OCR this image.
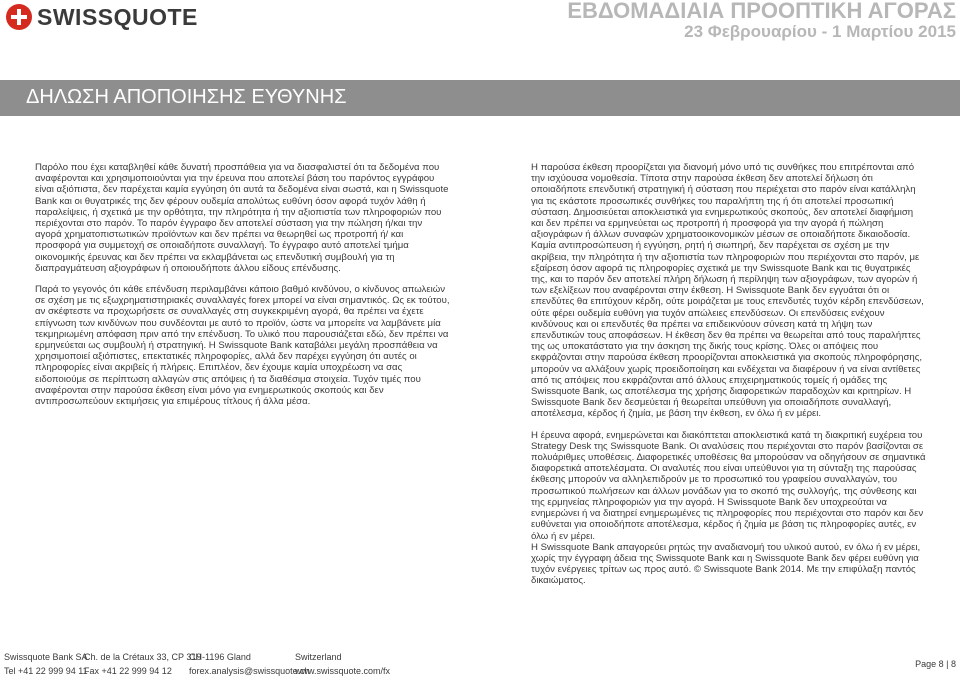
SWISSQUOTE	ΕΒΔΟΜΑΔΙΑΙΑ ΠΡΟΟΠΤΙΚΗ ΑΓΟΡΑΣ
23 Φεβρουαρίου - 1 Μαρτίου 2015
ΔΗΛΩΣΗ ΑΠΟΠΟΙΗΣΗΣ ΕΥΘΥΝΗΣ

Παρόλο που έχει καταβληθεί κάθε δυνατή προσπάθεια για να διασφαλιστεί ότι τα δεδομένα που αναφέρονται και χρησιμοποιούνται για την έρευνα που αποτελεί βάση του παρόντος εγγράφου είναι αξιόπιστα, δεν παρέχεται καμία εγγύηση ότι αυτά τα δεδομένα είναι σωστά, και η Swissquote Bank και οι θυγατρικές της δεν φέρουν ουδεμία απολύτως ευθύνη όσον αφορά τυχόν λάθη ή παραλείψεις, ή σχετικά με την ορθότητα, την πληρότητα ή την αξιοπιστία των πληροφοριών που περιέχονται στο παρόν. Το παρόν έγγραφο δεν αποτελεί σύσταση για την πώληση ή/και την αγορά χρηματοπιστωτικών προϊόντων και δεν πρέπει να θεωρηθεί ως προτροπή ή/ και προσφορά για συμμετοχή σε οποιαδήποτε συναλλαγή. Το έγγραφο αυτό αποτελεί τμήμα οικονομικής έρευνας και δεν πρέπει να εκλαμβάνεται ως επενδυτική συμβουλή για τη διαπραγμάτευση αξιογράφων ή οποιουδήποτε άλλου είδους επένδυσης.

Παρά το γεγονός ότι κάθε επένδυση περιλαμβάνει κάποιο βαθμό κινδύνου, ο κίνδυνος απωλειών σε σχέση με τις εξωχρηματιστηριακές συναλλαγές forex μπορεί να είναι σημαντικός. Ως εκ τούτου, αν σκέφτεστε να προχωρήσετε σε συναλλαγές στη συγκεκριμένη αγορά, θα πρέπει να έχετε επίγνωση των κινδύνων που συνδέονται με αυτό το προϊόν, ώστε να μπορείτε να λαμβάνετε μία τεκμηριωμένη απόφαση πριν από την επένδυση. Το υλικό που παρουσιάζεται εδώ, δεν πρέπει να ερμηνεύεται ως συμβουλή ή στρατηγική. Η Swissquote Bank καταβάλει μεγάλη προσπάθεια να χρησιμοποιεί αξιόπιστες, επεκτατικές πληροφορίες, αλλά δεν παρέχει εγγύηση ότι αυτές οι πληροφορίες είναι ακριβείς ή πλήρεις. Επιπλέον, δεν έχουμε καμία υποχρέωση να σας ειδοποιούμε σε περίπτωση αλλαγών στις απόψεις ή τα διαθέσιμα στοιχεία. Τυχόν τιμές που αναφέρονται στην παρούσα έκθεση είναι μόνο για ενημερωτικούς σκοπούς και δεν αντιπροσωπεύουν εκτιμήσεις για επιμέρους τίτλους ή άλλα μέσα.

Η παρούσα έκθεση προορίζεται για διανομή μόνο υπό τις συνθήκες που επιτρέπονται από την ισχύουσα νομοθεσία. Τίποτα στην παρούσα έκθεση δεν αποτελεί δήλωση ότι οποιαδήποτε επενδυτική στρατηγική ή σύσταση που περιέχεται στο παρόν είναι κατάλληλη για τις εκάστοτε προσωπικές συνθήκες του παραλήπτη της ή ότι αποτελεί προσωπική σύσταση. Δημοσιεύεται αποκλειστικά για ενημερωτικούς σκοπούς, δεν αποτελεί διαφήμιση και δεν πρέπει να ερμηνεύεται ως προτροπή ή προσφορά για την αγορά ή πώληση αξιογράφων ή άλλων συναφών χρηματοοικονομικών μέσων σε οποιαδήποτε δικαιοδοσία. Καμία αντιπροσώπευση ή εγγύηση, ρητή ή σιωπηρή, δεν παρέχεται σε σχέση με την ακρίβεια, την πληρότητα ή την αξιοπιστία των πληροφοριών που περιέχονται στο παρόν, με εξαίρεση όσον αφορά τις πληροφορίες σχετικά με την Swissquote Bank και τις θυγατρικές της, και το παρόν δεν αποτελεί πλήρη δήλωση ή περίληψη των αξιογράφων, των αγορών ή των εξελίξεων που αναφέρονται στην έκθεση. Η Swissquote Bank δεν εγγυάται ότι οι επενδύτες θα επιτύχουν κέρδη, ούτε μοιράζεται με τους επενδυτές τυχόν κέρδη επενδύσεων, ούτε φέρει ουδεμία ευθύνη για τυχόν απώλειες επενδύσεων. Οι επενδύσεις ενέχουν κινδύνους και οι επενδυτές θα πρέπει να επιδεικνύουν σύνεση κατά τη λήψη των επενδυτικών τους αποφάσεων. Η έκθεση δεν θα πρέπει να θεωρείται από τους παραλήπτες της ως υποκατάστατο για την άσκηση της δικής τους κρίσης. Όλες οι απόψεις που εκφράζονται στην παρούσα έκθεση προορίζονται αποκλειστικά για σκοπούς πληροφόρησης, μπορούν να αλλάξουν χωρίς προειδοποίηση και ενδέχεται να διαφέρουν ή να είναι αντίθετες από τις απόψεις που εκφράζονται από άλλους επιχειρηματικούς τομείς ή ομάδες της Swissquote Bank, ως αποτέλεσμα της χρήσης διαφορετικών παραδοχών και κριτηρίων. Η Swissquote Bank δεν δεσμεύεται ή θεωρείται υπεύθυνη για οποιαδήποτε συναλλαγή, αποτέλεσμα, κέρδος ή ζημία, με βάση την έκθεση, εν όλω ή εν μέρει.

Η έρευνα αφορά, ενημερώνεται και διακόπτεται αποκλειστικά κατά τη διακριτική ευχέρεια του Strategy Desk της Swissquote Bank. Οι αναλύσεις που περιέχονται στο παρόν βασίζονται σε πολυάριθμες υποθέσεις. Διαφορετικές υποθέσεις θα μπορούσαν να οδηγήσουν σε σημαντικά διαφορετικά αποτελέσματα. Οι αναλυτές που είναι υπεύθυνοι για τη σύνταξη της παρούσας έκθεσης μπορούν να αλληλεπιδρούν με το προσωπικό του γραφείου συναλλαγών, του προσωπικού πωλήσεων και άλλων μονάδων για το σκοπό της συλλογής, της σύνθεσης και της ερμηνείας πληροφοριών για την αγορά. Η Swissquote Bank δεν υποχρεούται να ενημερώνει ή να διατηρεί ενημερωμένες τις πληροφορίες που περιέχονται στο παρόν και δεν ευθύνεται για οποιοδήποτε αποτέλεσμα, κέρδος ή ζημία με βάση τις πληροφορίες αυτές, εν όλω ή εν μέρει.
Η Swissquote Bank απαγορεύει ρητώς την αναδιανομή του υλικού αυτού, εν όλω ή εν μέρει, χωρίς την έγγραφη άδεια της Swissquote Bank και η Swissquote Bank δεν φέρει ευθύνη για τυχόν ενέργειες τρίτων ως προς αυτό. © Swissquote Bank 2014. Με την επιφύλαξη παντός δικαιώματος.

Swissquote Bank SA
Tel +41 22 999 94 11
Ch. de la Crétaux 33, CP 319
Fax +41 22 999 94 12
CH-1196 Gland
forex.analysis@swissquote.ch
Switzerland
www.swissquote.com/fx
Page 8 | 8
